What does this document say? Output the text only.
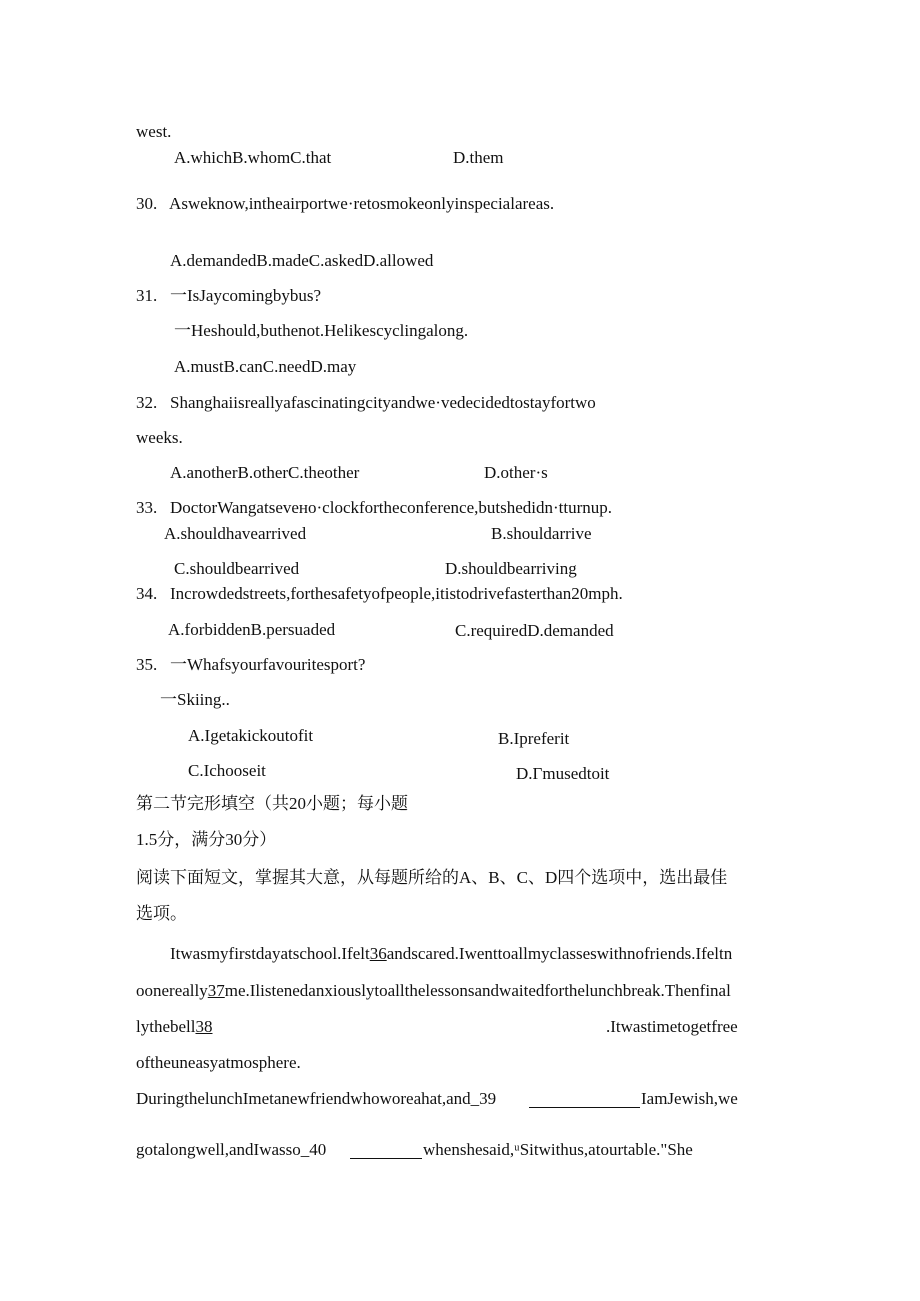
west.
A.whichB.whomC.that	D.them
30.   Asweknow,intheairportwe·retosmokeonlyinspecialareas.
A.demandedB.madeC.askedD.allowed
31.   一IsJaycomingbybus?
一Heshould,buthenot.Helikescyclingalong.
A.mustB.canC.needD.may
32.   Shanghaiisreallyafascinatingcityandwe·vedecidedtostayfortwo
weeks.
A.anotherB.otherC.theother	D.other·s
33.   DoctorWangatsevено·clockfortheconference,butshedidn·tturnup.
A.shouldhavearrived	B.shouldarrive
C.shouldbearrived	D.shouldbearriving
34.   Incrowdedstreets,forthesafetyofpeople,itistodrivefasterthan20mph.
A.forbiddenB.persuaded	C.requiredD.demanded
35.   一Whafsyourfavouritesport?
一Skiing..
A.Igetakickoutofit	B.Ipreferit
C.Ichooseit	D.Γmusedtoit
第二节完形填空（共20小题；每小题
1.5分，满分30分）
阅读下面短文，掌握其大意，从每题所给的A、B、C、D四个选项中，选出最佳
选项。
Itwasmyfirstdayatschool.Ifelt36andscared.Iwenttoallmyclasseswithnofriends.Ifeltn
oonereally37me.Ilistenedanxiouslytoallthelessonsandwaitedforthelunchbreak.Thenfinal
lythebell38	.Itwastimetogetfree
oftheuneasyatmosphere.
DuringthelunchImetanewfriendwhoworeahat,and_39	IamJewish,we
gotalongwell,andIwasso_40	whenshesaid,ᵘSitwithus,atourtable."She
